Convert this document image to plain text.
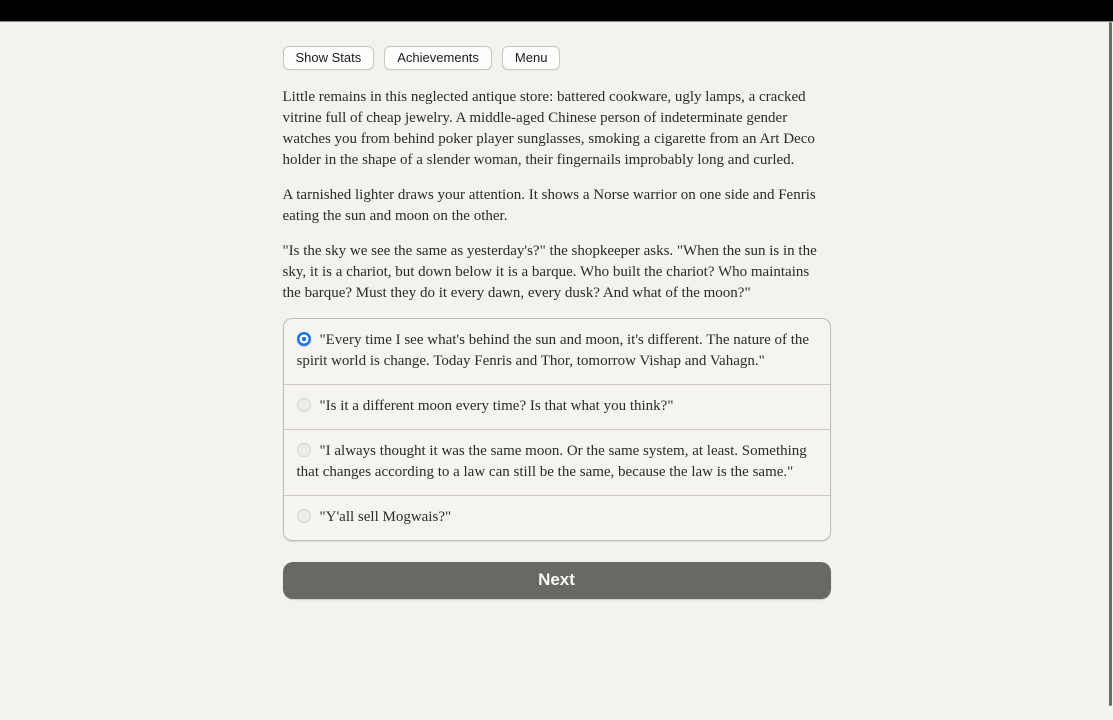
Show Stats	Achievements	Menu

Little remains in this neglected antique store: battered cookware, ugly lamps, a cracked vitrine full of cheap jewelry. A middle-aged Chinese person of indeterminate gender watches you from behind poker player sunglasses, smoking a cigarette from an Art Deco holder in the shape of a slender woman, their fingernails improbably long and curled.

A tarnished lighter draws your attention. It shows a Norse warrior on one side and Fenris eating the sun and moon on the other.

"Is the sky we see the same as yesterday's?" the shopkeeper asks. "When the sun is in the sky, it is a chariot, but down below it is a barque. Who built the chariot? Who maintains the barque? Must they do it every dawn, every dusk? And what of the moon?"

"Every time I see what's behind the sun and moon, it's different. The nature of the spirit world is change. Today Fenris and Thor, tomorrow Vishap and Vahagn."
"Is it a different moon every time? Is that what you think?"
"I always thought it was the same moon. Or the same system, at least. Something that changes according to a law can still be the same, because the law is the same."
"Y'all sell Mogwais?"
Next
